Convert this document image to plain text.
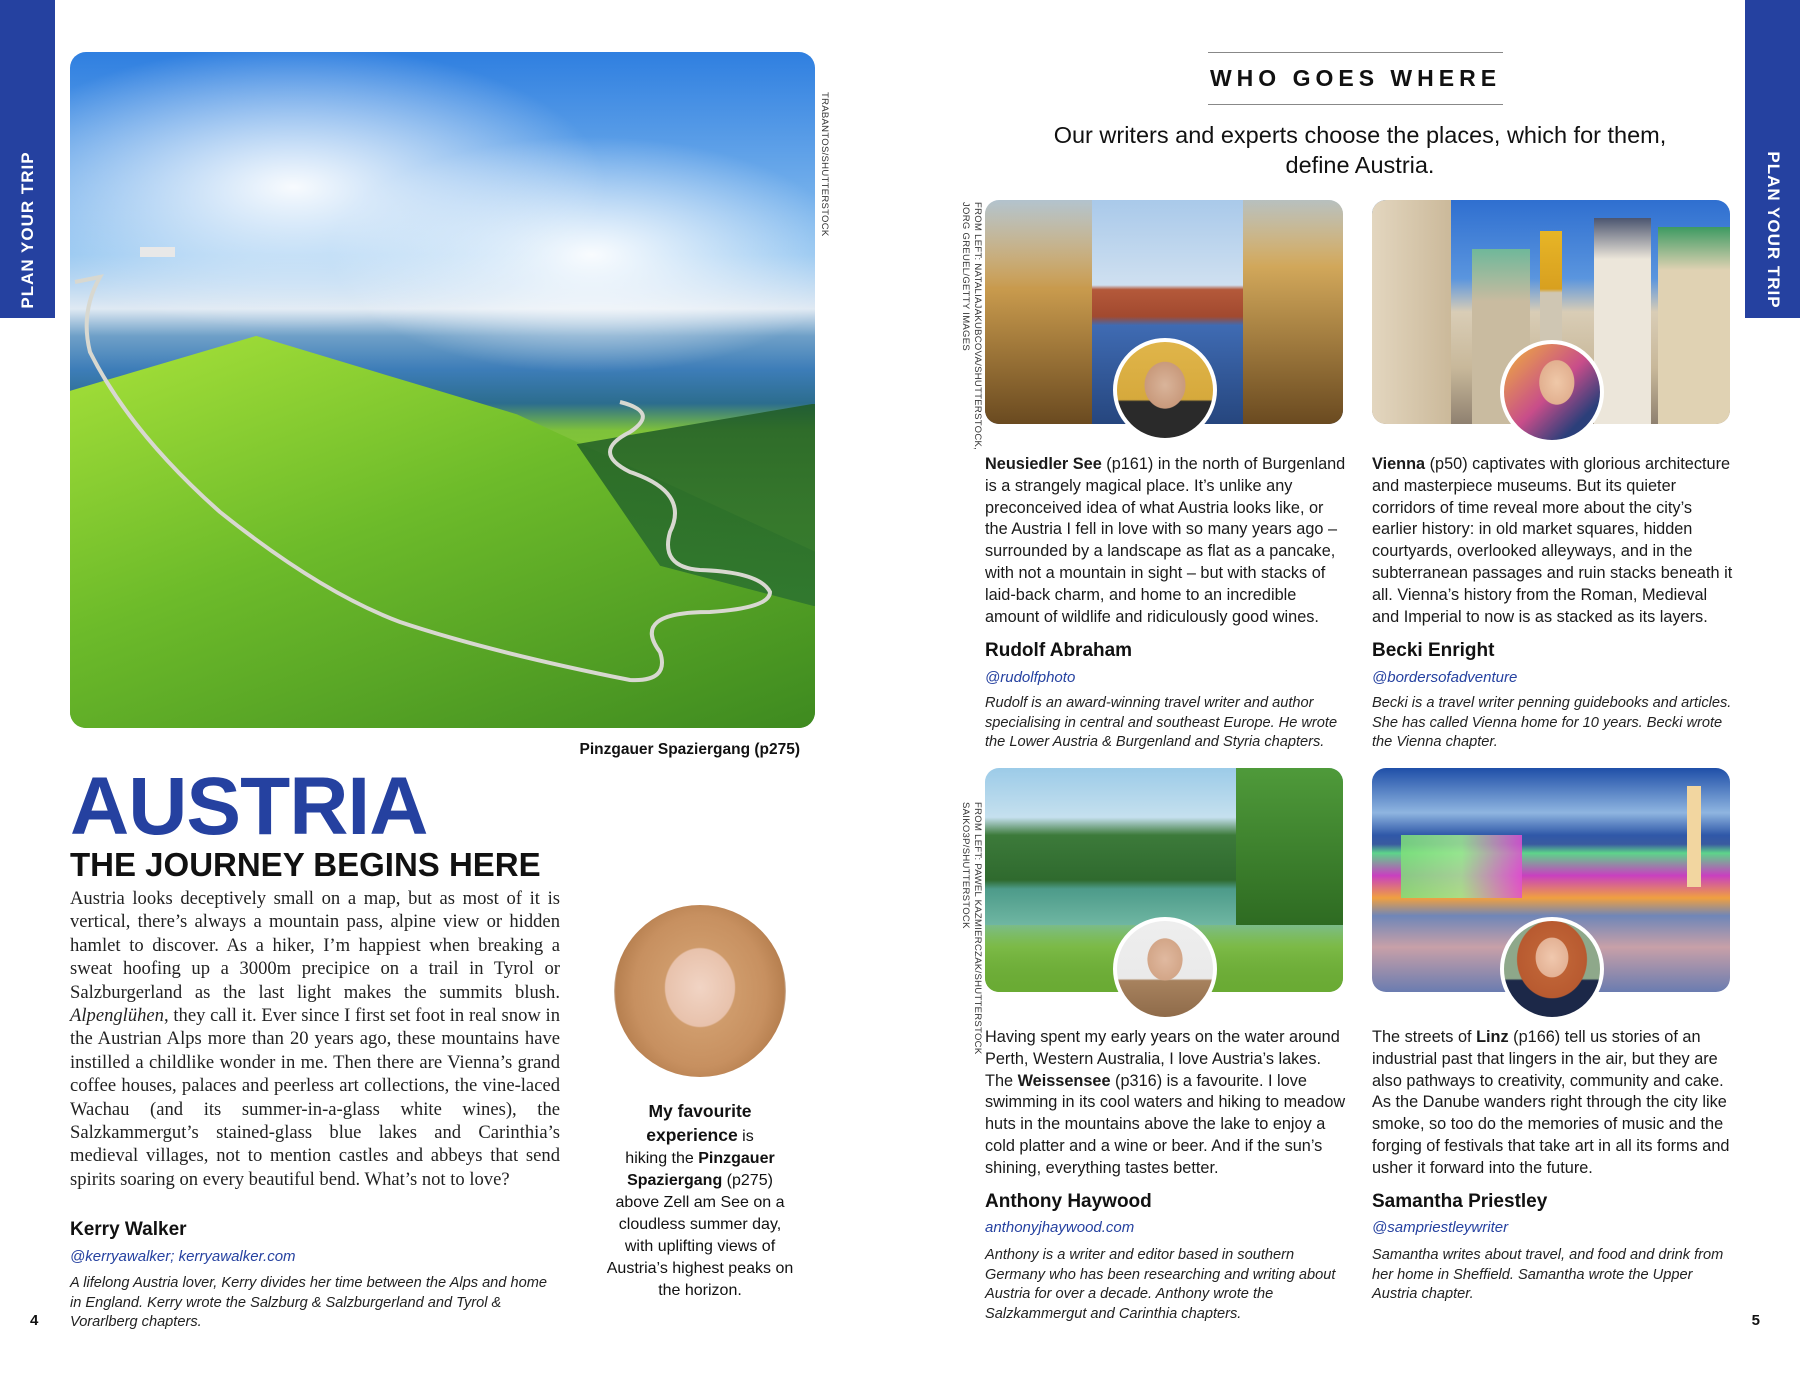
PLAN YOUR TRIP	PLAN YOUR TRIP
TRABANTOS/SHUTTERSTOCK
Pinzgauer Spaziergang (p275)
AUSTRIA
THE JOURNEY BEGINS HERE

Austria looks deceptively small on a map, but as most of it is vertical, there’s always a mountain pass, alpine view or hidden hamlet to discover. As a hiker, I’m happiest when breaking a sweat hoofing up a 3000m precipice on a trail in Tyrol or Salzburgerland as the last light makes the summits blush. Alpenglühen, they call it. Ever since I first set foot in real snow in the Austrian Alps more than 20 years ago, these mountains have instilled a childlike wonder in me. Then there are Vienna’s grand coffee houses, palaces and peerless art collections, the vine-laced Wachau (and its summer-in-a-glass white wines), the Salzkammergut’s stained-glass blue lakes and Carinthia’s medieval villages, not to mention castles and abbeys that send spirits soaring on every beautiful bend. What’s not to love?

Kerry Walker
@kerryawalker; kerryawalker.com
A lifelong Austria lover, Kerry divides her time between the Alps and home in England. Kerry wrote the Salzburg & Salzburgerland and Tyrol & Vorarlberg chapters.
My favourite experience is
hiking the Pinzgauer Spaziergang (p275) above Zell am See on a cloudless summer day, with uplifting views of Austria’s highest peaks on the horizon.
4
WHO GOES WHERE
Our writers and experts choose the places, which for them, define Austria.
FROM LEFT: NATALIAJAKUBCOVA/SHUTTERSTOCK,
JORG GREUEL/GETTY IMAGES
FROM LEFT: PAWEL KAZMIERCZAK/SHUTTERSTOCK
SAIKO3P/SHUTTERSTOCK
Neusiedler See (p161) in the north of Burgenland is a strangely magical place. It’s unlike any preconceived idea of what Austria looks like, or the Austria I fell in love with so many years ago – surrounded by a landscape as flat as a pancake, with not a mountain in sight – but with stacks of laid-back charm, and home to an incredible amount of wildlife and ridiculously good wines.
Rudolf Abraham
@rudolfphoto
Rudolf is an award-winning travel writer and author specialising in central and southeast Europe. He wrote the Lower Austria & Burgenland and Styria chapters.
Vienna (p50) captivates with glorious architecture and masterpiece museums. But its quieter corridors of time reveal more about the city’s earlier history: in old market squares, hidden courtyards, overlooked alleyways, and in the subterranean passages and ruin stacks beneath it all. Vienna’s history from the Roman, Medieval and Imperial to now is as stacked as its layers.
Becki Enright
@bordersofadventure
Becki is a travel writer penning guidebooks and articles. She has called Vienna home for 10 years. Becki wrote the Vienna chapter.
Having spent my early years on the water around Perth, Western Australia, I love Austria’s lakes. The Weissensee (p316) is a favourite. I love swimming in its cool waters and hiking to meadow huts in the mountains above the lake to enjoy a cold platter and a wine or beer. And if the sun’s shining, everything tastes better.
Anthony Haywood
anthonyjhaywood.com
Anthony is a writer and editor based in southern Germany who has been researching and writing about Austria for over a decade. Anthony wrote the Salzkammergut and Carinthia chapters.
The streets of Linz (p166) tell us stories of an industrial past that lingers in the air, but they are also pathways to creativity, community and cake. As the Danube wanders right through the city like smoke, so too do the memories of music and the forging of festivals that take art in all its forms and usher it forward into the future.
Samantha Priestley
@sampriestleywriter
Samantha writes about travel, and food and drink from her home in Sheffield. Samantha wrote the Upper Austria chapter.
5
